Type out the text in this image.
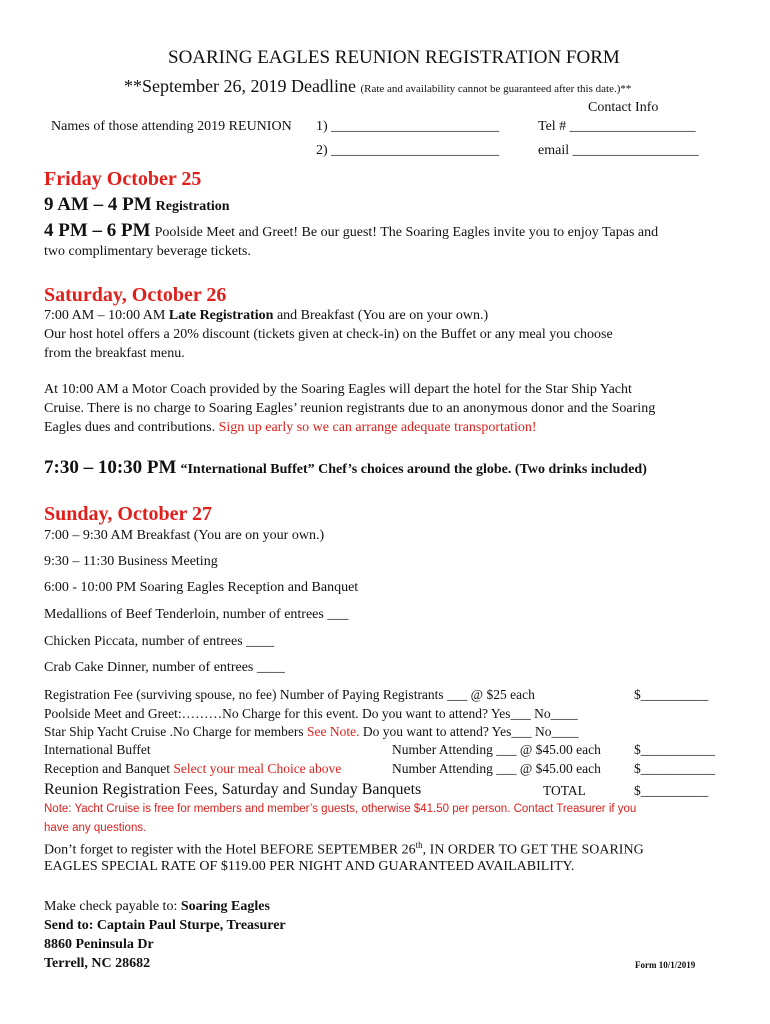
SOARING EAGLES REUNION REGISTRATION FORM
**September 26, 2019 Deadline (Rate and availability cannot be guaranteed after this date.)**
Contact Info
Names of those attending 2019 REUNION 1) ________________________	Tel # __________________
2) ________________________	email __________________
Friday October 25
9 AM – 4 PM Registration
4 PM – 6 PM Poolside Meet and Greet! Be our guest! The Soaring Eagles invite you to enjoy Tapas and
two complimentary beverage tickets.
Saturday, October 26
7:00 AM – 10:00 AM Late Registration and Breakfast (You are on your own.)
Our host hotel offers a 20% discount (tickets given at check-in) on the Buffet or any meal you choose
from the breakfast menu.
At 10:00 AM a Motor Coach provided by the Soaring Eagles will depart the hotel for the Star Ship Yacht
Cruise. There is no charge to Soaring Eagles’ reunion registrants due to an anonymous donor and the Soaring
Eagles dues and contributions. Sign up early so we can arrange adequate transportation!
7:30 – 10:30 PM “International Buffet” Chef’s choices around the globe. (Two drinks included)
Sunday, October 27
7:00 – 9:30 AM Breakfast (You are on your own.)
9:30 – 11:30 Business Meeting
6:00 - 10:00 PM Soaring Eagles Reception and Banquet
Medallions of Beef Tenderloin, number of entrees ___
Chicken Piccata, number of entrees ____
Crab Cake Dinner, number of entrees ____
Registration Fee (surviving spouse, no fee) Number of Paying Registrants ___ @ $25 each	$__________
Poolside Meet and Greet:………No Charge for this event. Do you want to attend? Yes___ No____
Star Ship Yacht Cruise .No Charge for members See Note. Do you want to attend? Yes___ No____
International Buffet	Number Attending ___ @ $45.00 each $___________
Reception and Banquet Select your meal Choice above	Number Attending ___ @ $45.00 each $___________
Reunion Registration Fees, Saturday and Sunday Banquets	TOTAL	$__________
Note: Yacht Cruise is free for members and member’s guests, otherwise $41.50 per person. Contact Treasurer if you
have any questions.
Don’t forget to register with the Hotel BEFORE SEPTEMBER 26th, IN ORDER TO GET THE SOARING
EAGLES SPECIAL RATE OF $119.00 PER NIGHT AND GUARANTEED AVAILABILITY.
Make check payable to: Soaring Eagles
Send to: Captain Paul Sturpe, Treasurer
8860 Peninsula Dr
Terrell, NC 28682	Form 10/1/2019
